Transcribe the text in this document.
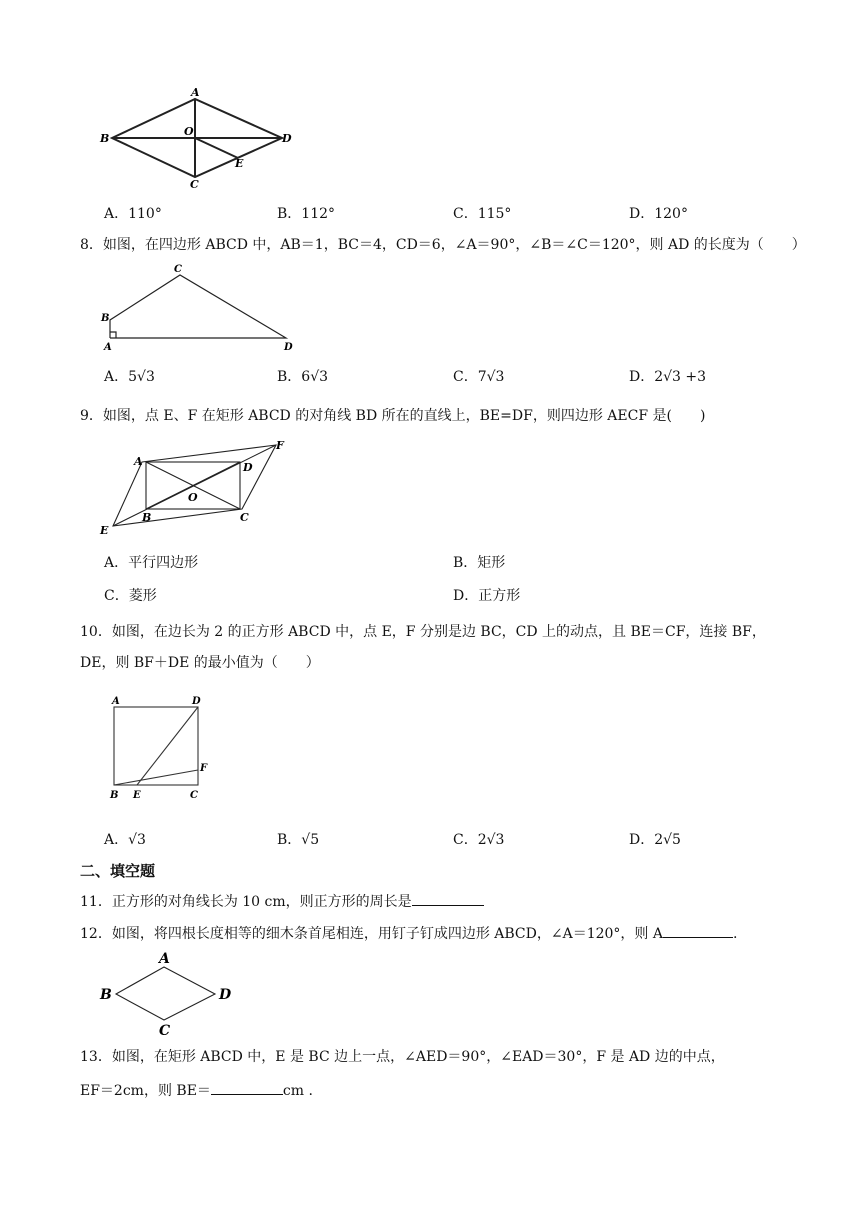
A
B	D
C
O
E
A．110°	B．112°	C．115°	D．120°
8．如图，在四边形 ABCD 中，AB＝1，BC＝4，CD＝6，∠A＝90°，∠B＝∠C＝120°，则 AD 的长度为（　　）
C
B
A	D
A．5√3	B．6√3	C．7√3	D．2√3 +3
9．如图，点 E、F 在矩形 ABCD 的对角线 BD 所在的直线上，BE=DF，则四边形 AECF 是(　　)
A	D
F
O
B	C
E
A．平行四边形	B．矩形
C．菱形	D．正方形
10．如图，在边长为 2 的正方形 ABCD 中，点 E，F 分别是边 BC，CD 上的动点，且 BE＝CF，连接 BF，
DE，则 BF＋DE 的最小值为（　　）
A	D
F
B E	C
A．√3	B．√5	C．2√3	D．2√5
二、填空题
11．正方形的对角线长为 10 cm，则正方形的周长是
12．如图，将四根长度相等的细木条首尾相连，用钉子钉成四边形 ABCD，∠A＝120°，则 A	.
A
B	D
C
13．如图，在矩形 ABCD 中，E 是 BC 边上一点，∠AED＝90°，∠EAD＝30°，F 是 AD 边的中点，
EF＝2cm，则 BE＝	cm .
